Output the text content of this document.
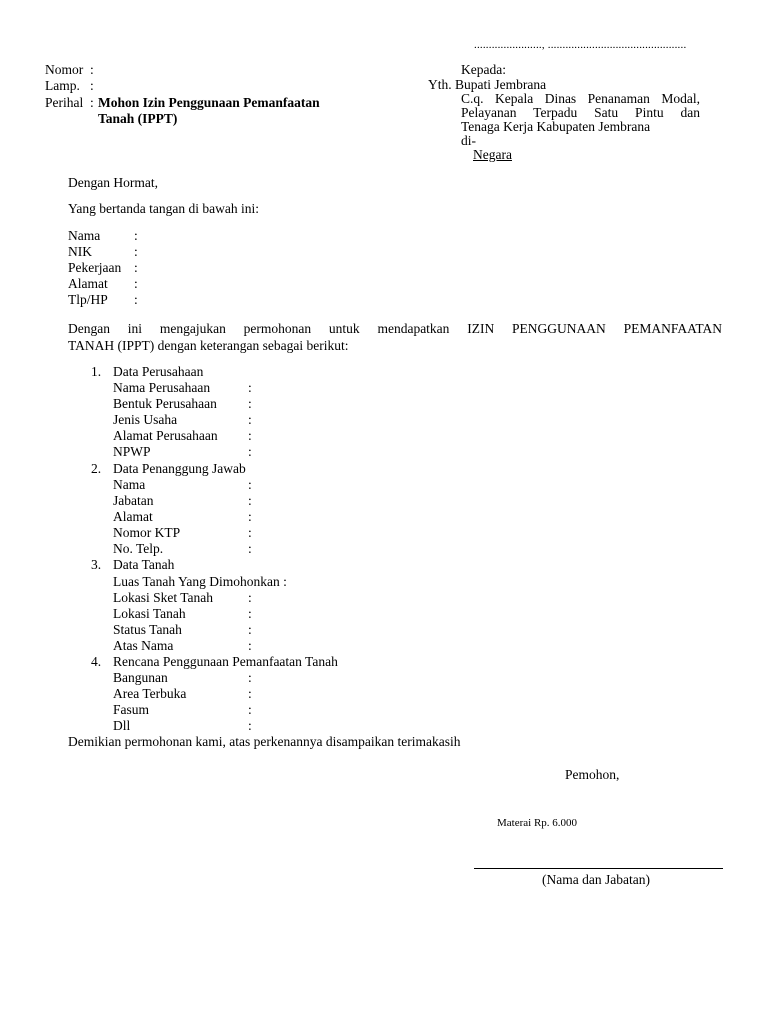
......................., ...............................................
Nomor :
Lamp. :
Perihal : Mohon Izin Penggunaan Pemanfaatan
Tanah (IPPT)
Kepada:
Yth. Bupati Jembrana
C.q. Kepala Dinas Penanaman Modal,
Pelayanan Terpadu Satu Pintu dan
Tenaga Kerja Kabupaten Jembrana
di-
Negara
Dengan Hormat,
Yang bertanda tangan di bawah ini:
Nama	:
NIK	:
Pekerjaan :
Alamat :
Tlp/HP :
Dengan ini mengajukan permohonan untuk mendapatkan IZIN PENGGUNAAN PEMANFAATAN
TANAH (IPPT) dengan keterangan sebagai berikut:
1. Data Perusahaan
Nama Perusahaan	:
Bentuk Perusahaan :
Jenis Usaha	:
Alamat Perusahaan :
NPWP	:
2. Data Penanggung Jawab
Nama	:
Jabatan	:
Alamat	:
Nomor KTP	:
No. Telp.	:
3. Data Tanah
Luas Tanah Yang Dimohonkan :
Lokasi Sket Tanah	:
Lokasi Tanah	:
Status Tanah	:
Atas Nama	:
4. Rencana Penggunaan Pemanfaatan Tanah
Bangunan	:
Area Terbuka	:
Fasum	:
Dll	:
Demikian permohonan kami, atas perkenannya disampaikan terimakasih
Pemohon,
Materai Rp. 6.000
(Nama dan Jabatan)
